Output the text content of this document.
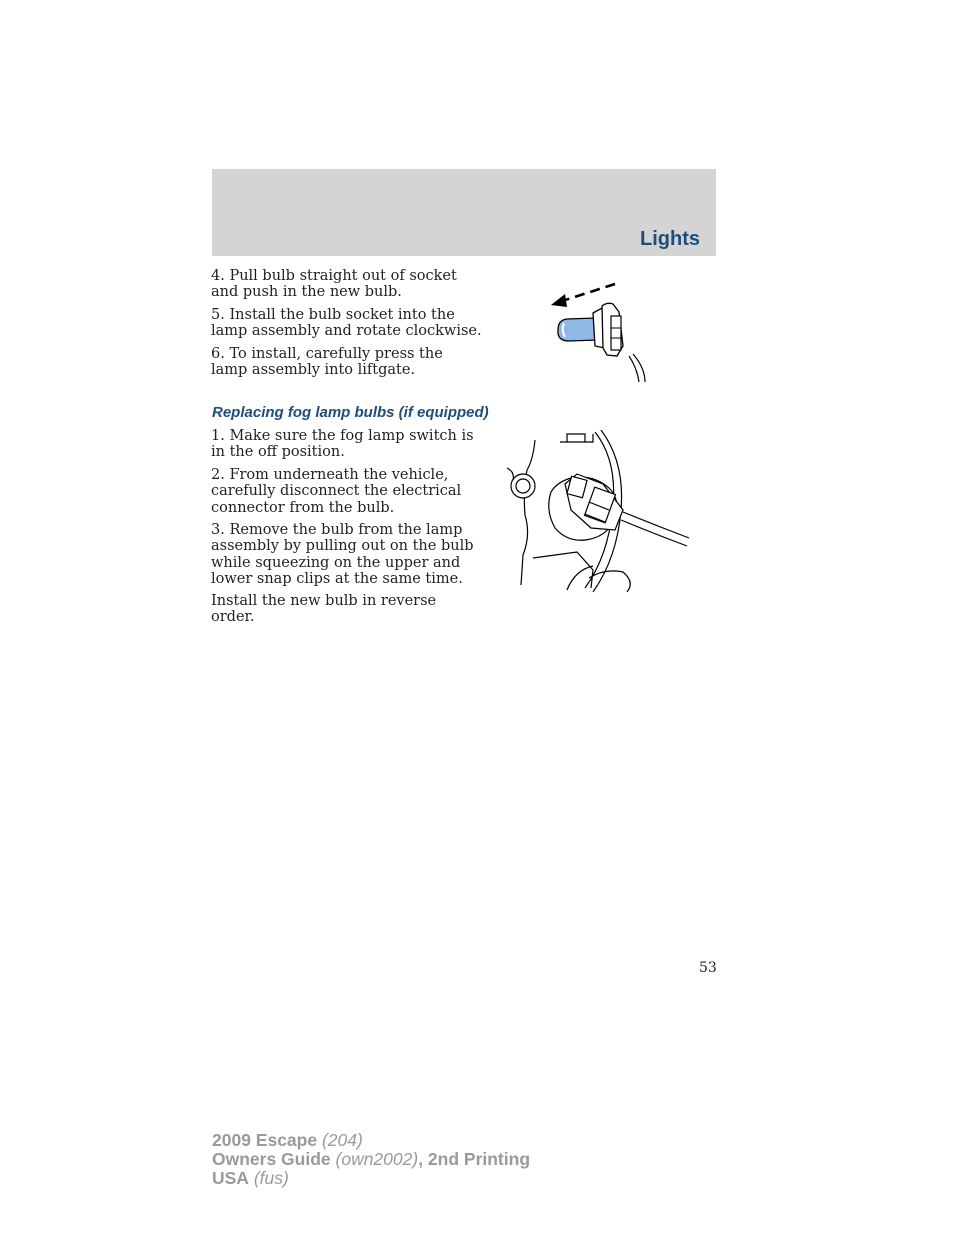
Lights

4. Pull bulb straight out of socket
and push in the new bulb.

5. Install the bulb socket into the
lamp assembly and rotate clockwise.

6. To install, carefully press the
lamp assembly into liftgate.

Replacing fog lamp bulbs (if equipped)

1. Make sure the fog lamp switch is
in the off position.

2. From underneath the vehicle,
carefully disconnect the electrical
connector from the bulb.

3. Remove the bulb from the lamp
assembly by pulling out on the bulb
while squeezing on the upper and
lower snap clips at the same time.

Install the new bulb in reverse
order.

53
2009 Escape (204)
Owners Guide (own2002), 2nd Printing
USA (fus)
